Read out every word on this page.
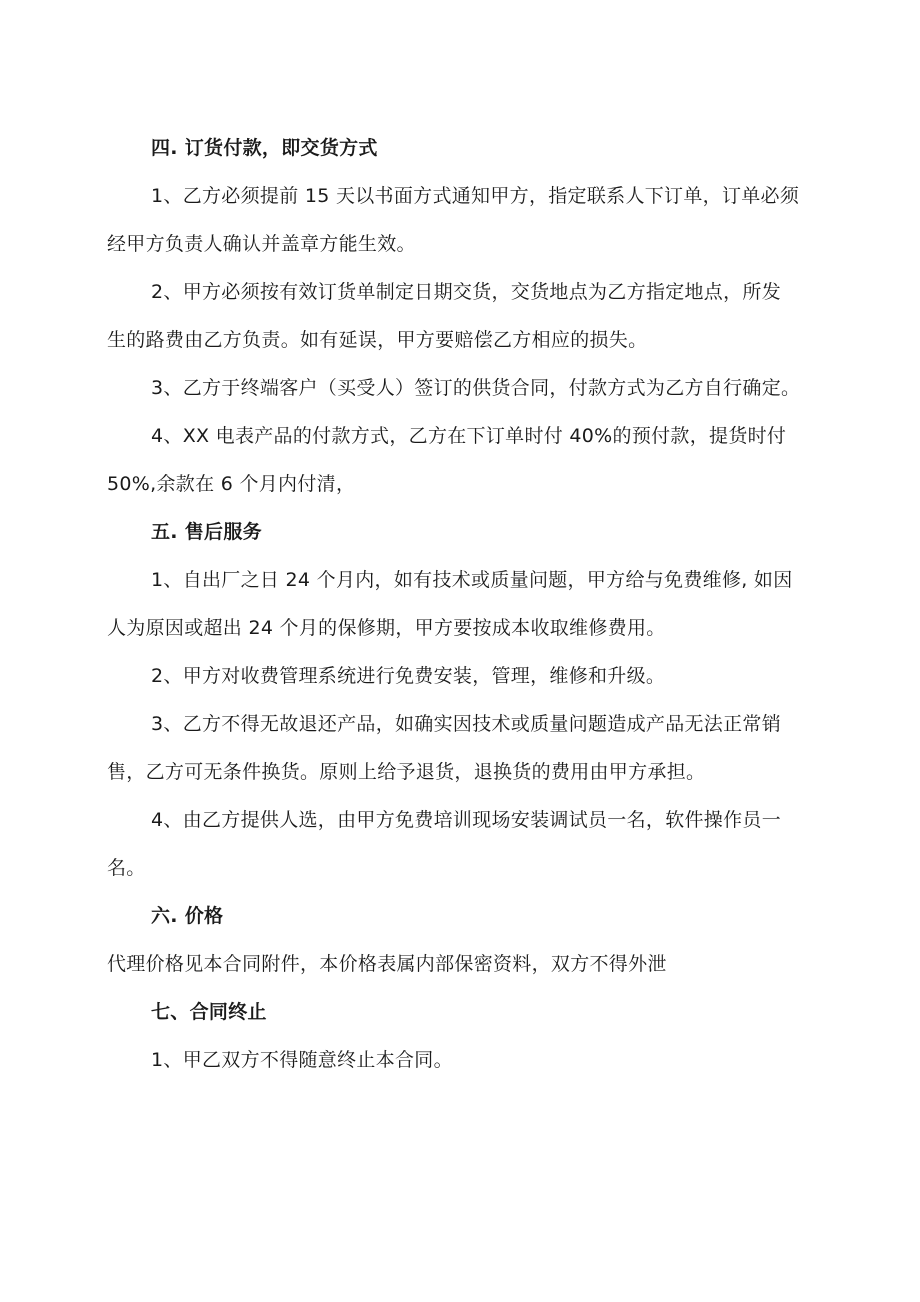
四. 订货付款，即交货方式
1、乙方必须提前 15 天以书面方式通知甲方，指定联系人下订单，订单必须
经甲方负责人确认并盖章方能生效。
2、甲方必须按有效订货单制定日期交货，交货地点为乙方指定地点，所发
生的路费由乙方负责。如有延误，甲方要赔偿乙方相应的损失。
3、乙方于终端客户（买受人）签订的供货合同，付款方式为乙方自行确定。
4、XX 电表产品的付款方式，乙方在下订单时付 40%的预付款，提货时付
50%,余款在 6 个月内付清，
五. 售后服务
1、自出厂之日 24 个月内，如有技术或质量问题，甲方给与免费维修, 如因
人为原因或超出 24 个月的保修期，甲方要按成本收取维修费用。
2、甲方对收费管理系统进行免费安装，管理，维修和升级。
3、乙方不得无故退还产品，如确实因技术或质量问题造成产品无法正常销
售，乙方可无条件换货。原则上给予退货，退换货的费用由甲方承担。
4、由乙方提供人选，由甲方免费培训现场安装调试员一名，软件操作员一
名。
六. 价格
代理价格见本合同附件，本价格表属内部保密资料，双方不得外泄
七、合同终止
1、甲乙双方不得随意终止本合同。
